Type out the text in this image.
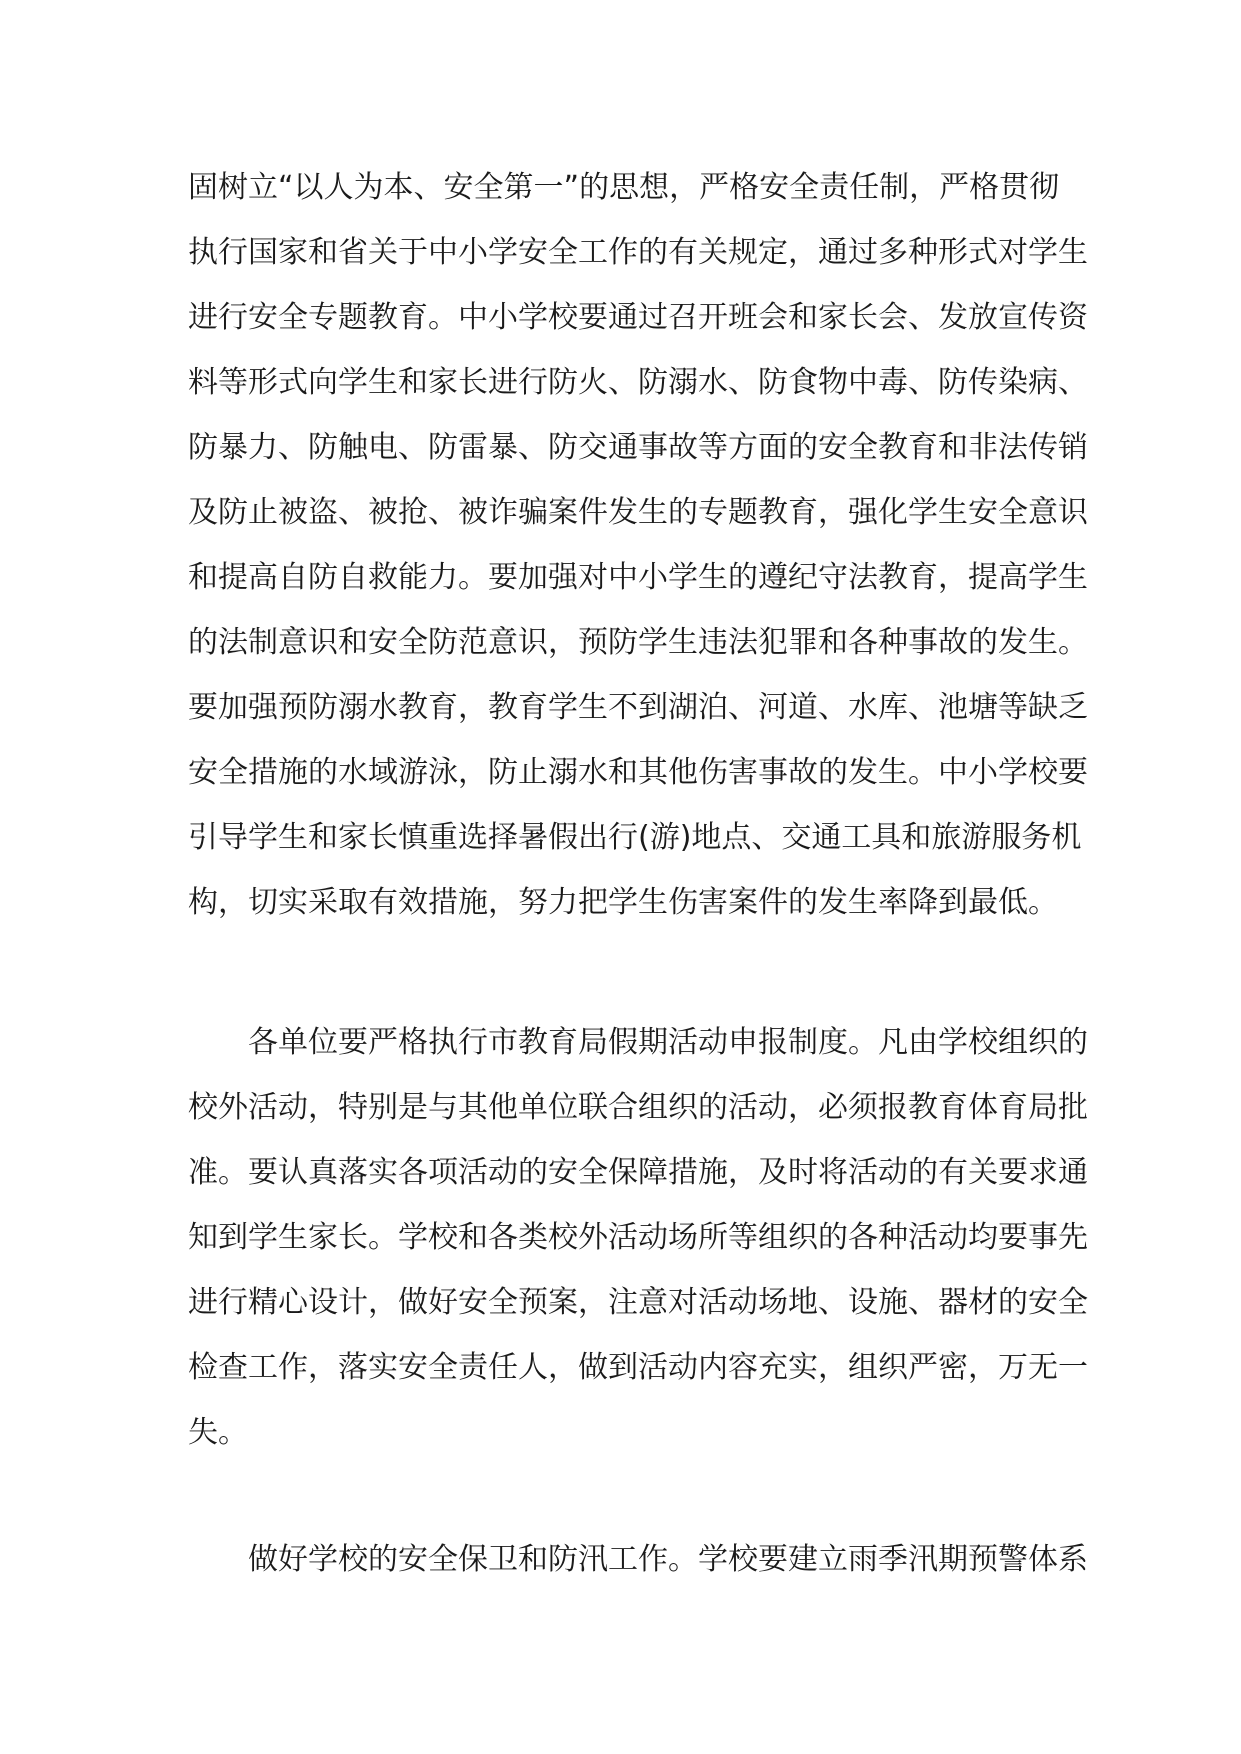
固树立“以人为本、安全第一”的思想，严格安全责任制，严格贯彻
执行国家和省关于中小学安全工作的有关规定，通过多种形式对学生
进行安全专题教育。中小学校要通过召开班会和家长会、发放宣传资
料等形式向学生和家长进行防火、防溺水、防食物中毒、防传染病、
防暴力、防触电、防雷暴、防交通事故等方面的安全教育和非法传销
及防止被盗、被抢、被诈骗案件发生的专题教育，强化学生安全意识
和提高自防自救能力。要加强对中小学生的遵纪守法教育，提高学生
的法制意识和安全防范意识，预防学生违法犯罪和各种事故的发生。
要加强预防溺水教育，教育学生不到湖泊、河道、水库、池塘等缺乏
安全措施的水域游泳，防止溺水和其他伤害事故的发生。中小学校要
引导学生和家长慎重选择暑假出行(游)地点、交通工具和旅游服务机
构，切实采取有效措施，努力把学生伤害案件的发生率降到最低。
各单位要严格执行市教育局假期活动申报制度。凡由学校组织的
校外活动，特别是与其他单位联合组织的活动，必须报教育体育局批
准。要认真落实各项活动的安全保障措施，及时将活动的有关要求通
知到学生家长。学校和各类校外活动场所等组织的各种活动均要事先
进行精心设计，做好安全预案，注意对活动场地、设施、器材的安全
检查工作，落实安全责任人，做到活动内容充实，组织严密，万无一
失。
做好学校的安全保卫和防汛工作。学校要建立雨季汛期预警体系
